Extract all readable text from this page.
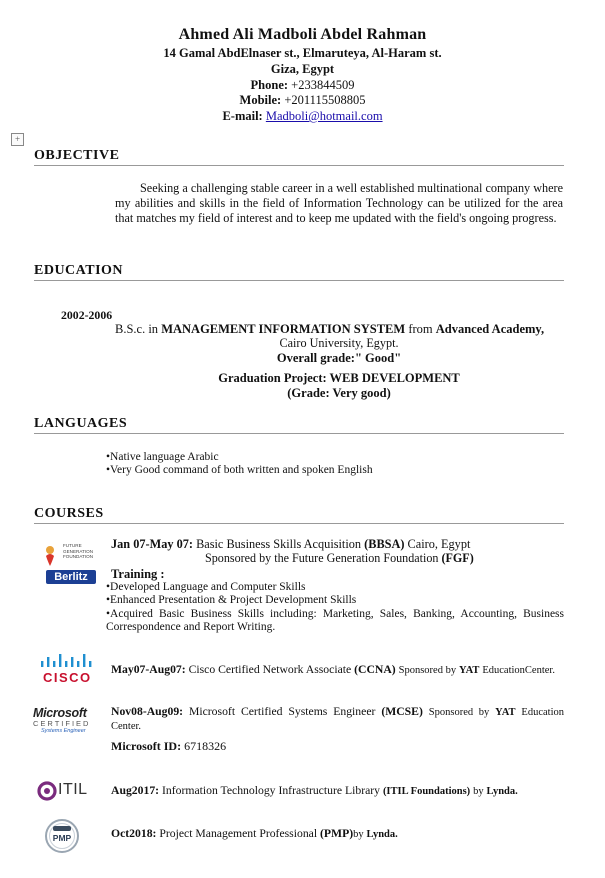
Ahmed Ali Madboli Abdel Rahman
14 Gamal AbdElnaser st., Elmaruteya, Al-Haram st.
Giza, Egypt
Phone: +233844509
Mobile: +201115508805
E-mail: Madboli@hotmail.com
+
OBJECTIVE
Seeking a challenging stable career in a well established multinational company where my abilities and skills in the field of Information Technology can be utilized for the area that matches my field of interest and to keep me updated with the field's ongoing progress.
EDUCATION
2002-2006
B.S.c. in MANAGEMENT INFORMATION SYSTEM from Advanced Academy,
Cairo University, Egypt.
Overall grade:" Good"
Graduation Project: WEB DEVELOPMENT
(Grade: Very good)
LANGUAGES
•Native language Arabic
•Very Good command of both written and spoken English
COURSES
FUTURE
GENERATION
FOUNDATION
Berlitz
Jan 07-May 07: Basic Business Skills Acquisition (BBSA) Cairo, Egypt
Sponsored by the Future Generation Foundation (FGF)
Training :
•Developed Language and Computer Skills
•Enhanced Presentation & Project Development Skills
•Acquired Basic Business Skills including: Marketing, Sales, Banking, Accounting, Business Correspondence and Report Writing.
CISCO
May07-Aug07: Cisco Certified Network Associate (CCNA) Sponsored by YAT EducationCenter.
Microsoft
CERTIFIED
Systems Engineer
Nov08-Aug09: Microsoft Certified Systems Engineer (MCSE) Sponsored by YAT Education Center.
Microsoft ID: 6718326
ITIL Aug2017: Information Technology Infrastructure Library (ITIL Foundations) by Lynda.
PMP	Oct2018: Project Management Professional (PMP)by Lynda.
